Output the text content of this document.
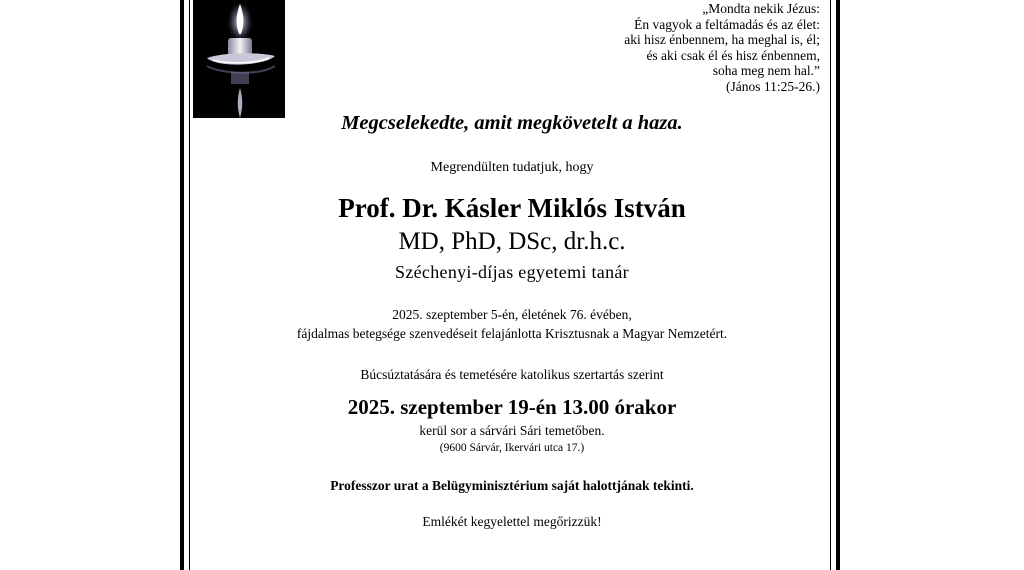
„Mondta nekik Jézus:
Én vagyok a feltámadás és az élet:
aki hisz énbennem, ha meghal is, él;
és aki csak él és hisz énbennem,
soha meg nem hal.”
(János 11:25-26.)
Megcselekedte, amit megkövetelt a haza.
Megrendülten tudatjuk, hogy
Prof. Dr. Kásler Miklós István
MD, PhD, DSc, dr.h.c.
Széchenyi-díjas egyetemi tanár
2025. szeptember 5-én, életének 76. évében,
fájdalmas betegsége szenvedéseit felajánlotta Krisztusnak a Magyar Nemzetért.
Búcsúztatására és temetésére katolikus szertartás szerint
2025. szeptember 19-én 13.00 órakor
kerül sor a sárvári Sári temetőben.
(9600 Sárvár, Ikervári utca 17.)
Professzor urat a Belügyminisztérium saját halottjának tekinti.
Emlékét kegyelettel megőrizzük!
